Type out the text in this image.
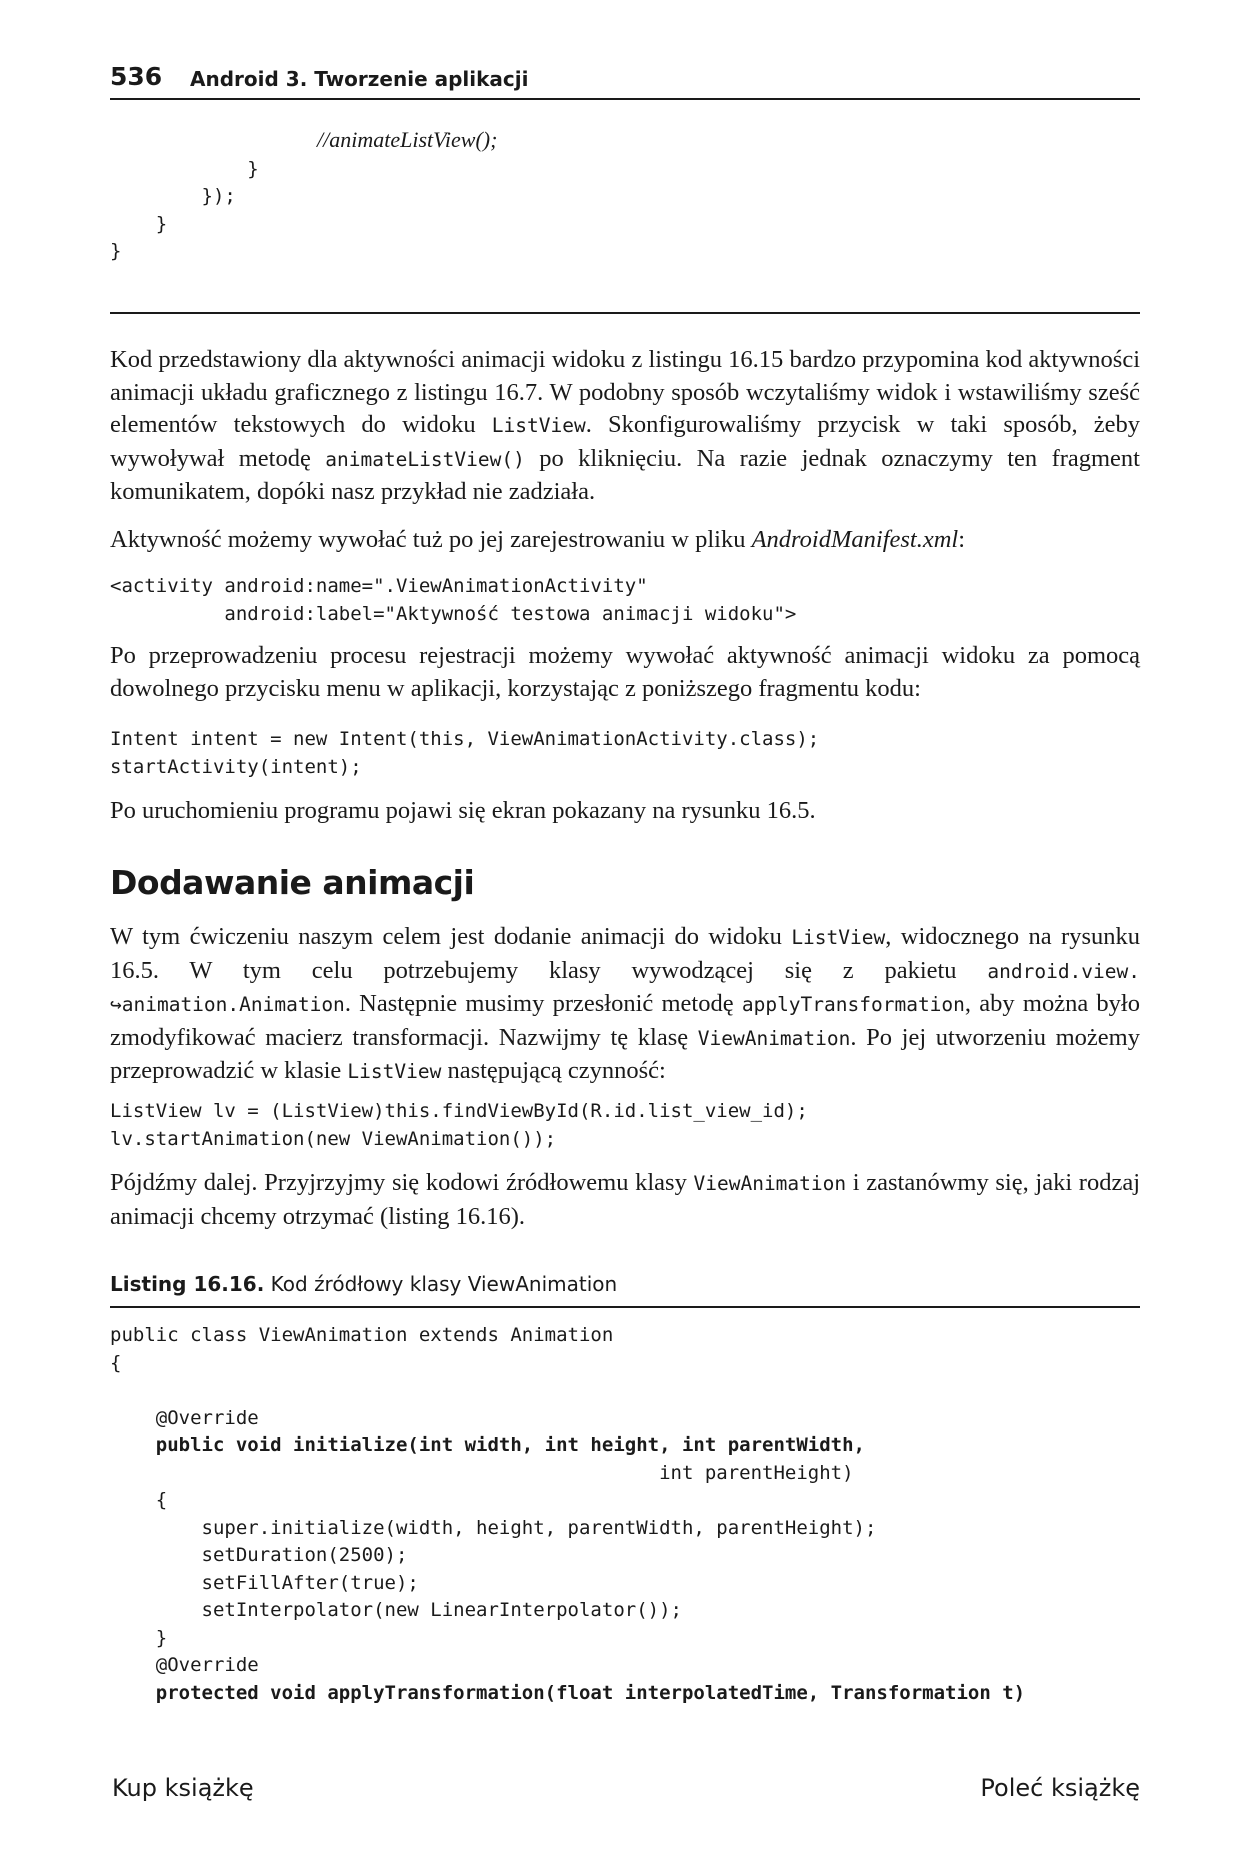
536 Android 3. Tworzenie aplikacji
//animateListView();
}
});
}
}

Kod przedstawiony dla aktywności animacji widoku z listingu 16.15 bardzo przypomina kod aktywności animacji układu graficznego z listingu 16.7. W podobny sposób wczytaliśmy widok i wstawiliśmy sześć elementów tekstowych do widoku ListView. Skonfigurowaliśmy przycisk w taki sposób, żeby wywoływał metodę animateListView() po kliknięciu. Na razie jednak oznaczymy ten fragment komunikatem, dopóki nasz przykład nie zadziała.

Aktywność możemy wywołać tuż po jej zarejestrowaniu w pliku AndroidManifest.xml:

<activity android:name=".ViewAnimationActivity"
android:label="Aktywność testowa animacji widoku">

Po przeprowadzeniu procesu rejestracji możemy wywołać aktywność animacji widoku za pomocą dowolnego przycisku menu w aplikacji, korzystając z poniższego fragmentu kodu:

Intent intent = new Intent(this, ViewAnimationActivity.class);
startActivity(intent);

Po uruchomieniu programu pojawi się ekran pokazany na rysunku 16.5.

Dodawanie animacji

W tym ćwiczeniu naszym celem jest dodanie animacji do widoku ListView, widocznego na rysunku 16.5. W tym celu potrzebujemy klasy wywodzącej się z pakietu android.view. ↪animation.Animation. Następnie musimy przesłonić metodę applyTransformation, aby można było zmodyfikować macierz transformacji. Nazwijmy tę klasę ViewAnimation. Po jej utworzeniu możemy przeprowadzić w klasie ListView następującą czynność:

ListView lv = (ListView)this.findViewById(R.id.list_view_id);
lv.startAnimation(new ViewAnimation());

Pójdźmy dalej. Przyjrzyjmy się kodowi źródłowemu klasy ViewAnimation i zastanówmy się, jaki rodzaj animacji chcemy otrzymać (listing 16.16).

Listing 16.16. Kod źródłowy klasy ViewAnimation
public class ViewAnimation extends Animation
{

@Override
public void initialize(int width, int height, int parentWidth,
int parentHeight)
{
super.initialize(width, height, parentWidth, parentHeight);
setDuration(2500);
setFillAfter(true);
setInterpolator(new LinearInterpolator());
}
@Override
protected void applyTransformation(float interpolatedTime, Transformation t)
Kup książkę	Poleć książkę
